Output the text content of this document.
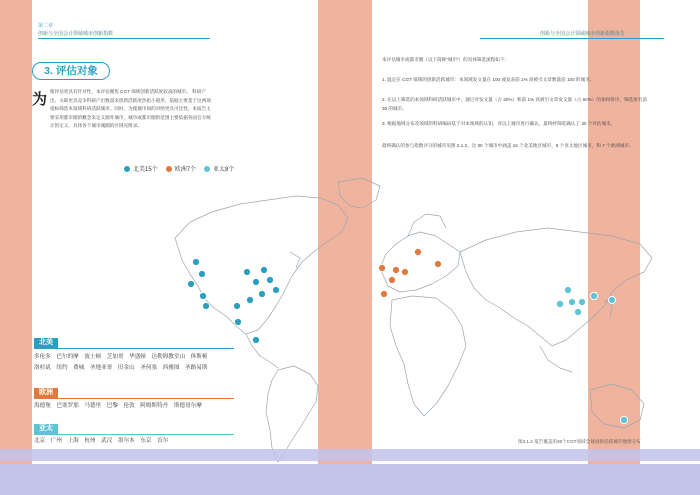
第二章
创新与全国会计领域城市创新指数
3. 评估对象
为 使评估更具有针对性，本评估聚焦 CGT 领域创新活跃度较高的城市。 科研产出、关联更具竞争科研产出数量来创新活跃度热指小圆形，依据主要基于这两项指标筛选本领域科研活跃城市。同时，为使城市间的对照更具可比性，本报告主要采用都市圈的概念来定义圈外城市，城市或都市圈的范围主要依据各国官方统计的定义，具体各个城市城圈的区域见附录。
北美15个	欧洲7个	亚太8个
北美
多伦多　巴尔的摩　波士顿　芝加哥　华盛顿　达勒姆教堂山　休斯顿
洛杉矶　纽约　费城　圣地亚哥　旧金山　圣何塞　西雅图　圣路易斯
欧洲
海德堡　巴塞罗那　马德里　巴黎　伦敦　阿姆斯特丹　斯德哥尔摩
亚太
北京　广州　上海　杭州　武汉　墨尔本　东京　首尔
创新与全国会计领域城市创新指数报告
本评估城市或都市圈（以下简称“城市”）的具体筛选流程如下：
1. 温定在 CGT 领域的创新活跃城市：本领域发文量在 100 或发表前 1% 高被引文章数量前 100 的城市。
2. 在以上筛选的本领域科研活跃城市中，通过对发文量（占 40%）和前 1% 高被引文章发文量（占 60%）的加权排序，筛选排名前 35 的城市。
3. 根据地域分布及领域的科研编码基于对本领域的认知，对以上城市进行确认，最终经筛选确认了 30 个评估城市。
最终确认的参与指数评分的城市见图 2.1.2。这 30 个城市中涵盖 15 个北美地区城市、8 个亚太地区城市，和 7 个欧洲城市。
图2.1.2 报告覆盖的30个CGT领域全球创新活跃城市地理分布
